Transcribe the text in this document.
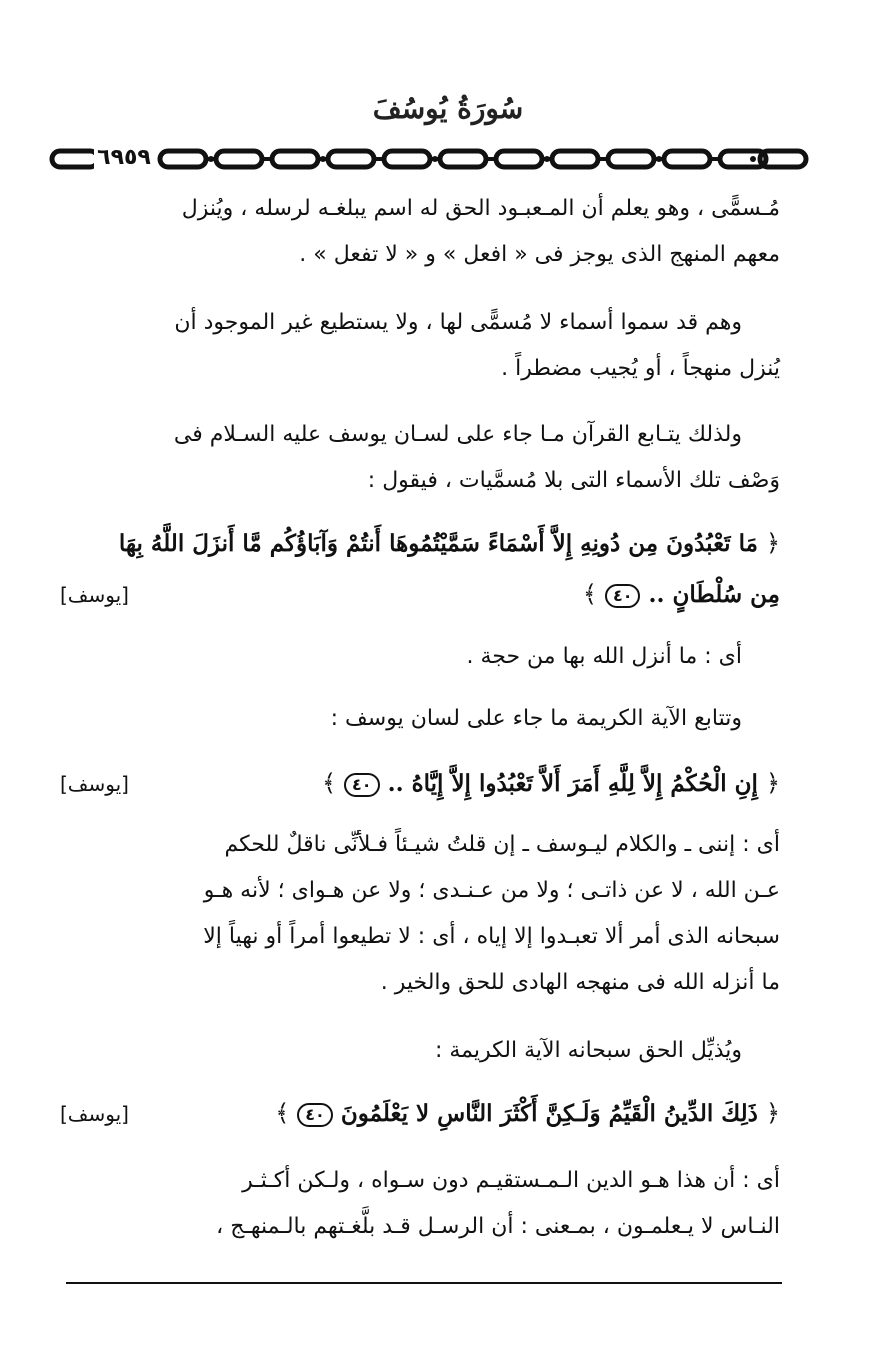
سُورَةُ يُوسُفَ
٦٩٥٩

مُـسمًّى ، وهو يعلم أن المـعبـود الحق له اسم يبلغـه لرسله ، ويُنزل

معهم المنهج الذى يوجز فى « افعل » و « لا تفعل » .

وهم قد سموا أسماء لا مُسمًّى لها ، ولا يستطيع غير الموجود أن

يُنزل منهجاً ، أو يُجيب مضطراً .

ولذلك يتـابع القرآن مـا جاء على لسـان يوسف عليه السـلام فى

وَصْف تلك الأسماء التى بلا مُسمَّيات ، فيقول :

﴿ مَا تَعْبُدُونَ مِن دُونِهِ إِلاَّ أَسْمَاءً سَمَّيْتُمُوهَا أَنتُمْ وَآبَاؤُكُم مَّا أَنزَلَ اللَّهُ بِهَا
مِن سُلْطَانٍ .. ٤٠ ﴾
[يوسف]

أى : ما أنزل الله بها من حجة .

وتتابع الآية الكريمة ما جاء على لسان يوسف :

﴿ إِنِ الْحُكْمُ إِلاَّ لِلَّهِ أَمَرَ أَلاَّ تَعْبُدُوا إِلاَّ إِيَّاهُ .. ٤٠ ﴾
[يوسف]

أى : إننى ـ والكلام ليـوسف ـ إن قلتُ شيـئاً فـلأنِّى ناقلٌ للحكم

عـن الله ، لا عن ذاتـى ؛ ولا من عـنـدى ؛ ولا عن هـواى ؛ لأنه هـو

سبحانه الذى أمر ألا تعبـدوا إلا إياه ، أى : لا تطيعوا أمراً أو نهياً إلا

ما أنزله الله فى منهجه الهادى للحق والخير .

ويُذيِّل الحق سبحانه الآية الكريمة :

﴿ ذَلِكَ الدِّينُ الْقَيِّمُ وَلَـكِنَّ أَكْثَرَ النَّاسِ لا يَعْلَمُونَ ٤٠ ﴾
[يوسف]

أى : أن هذا هـو الدين الـمـستقيـم دون سـواه ، ولـكن أكـثـر

النـاس لا يـعلمـون ، بمـعنى : أن الرسـل قـد بلَّغـتهم بالـمنهـج ،
